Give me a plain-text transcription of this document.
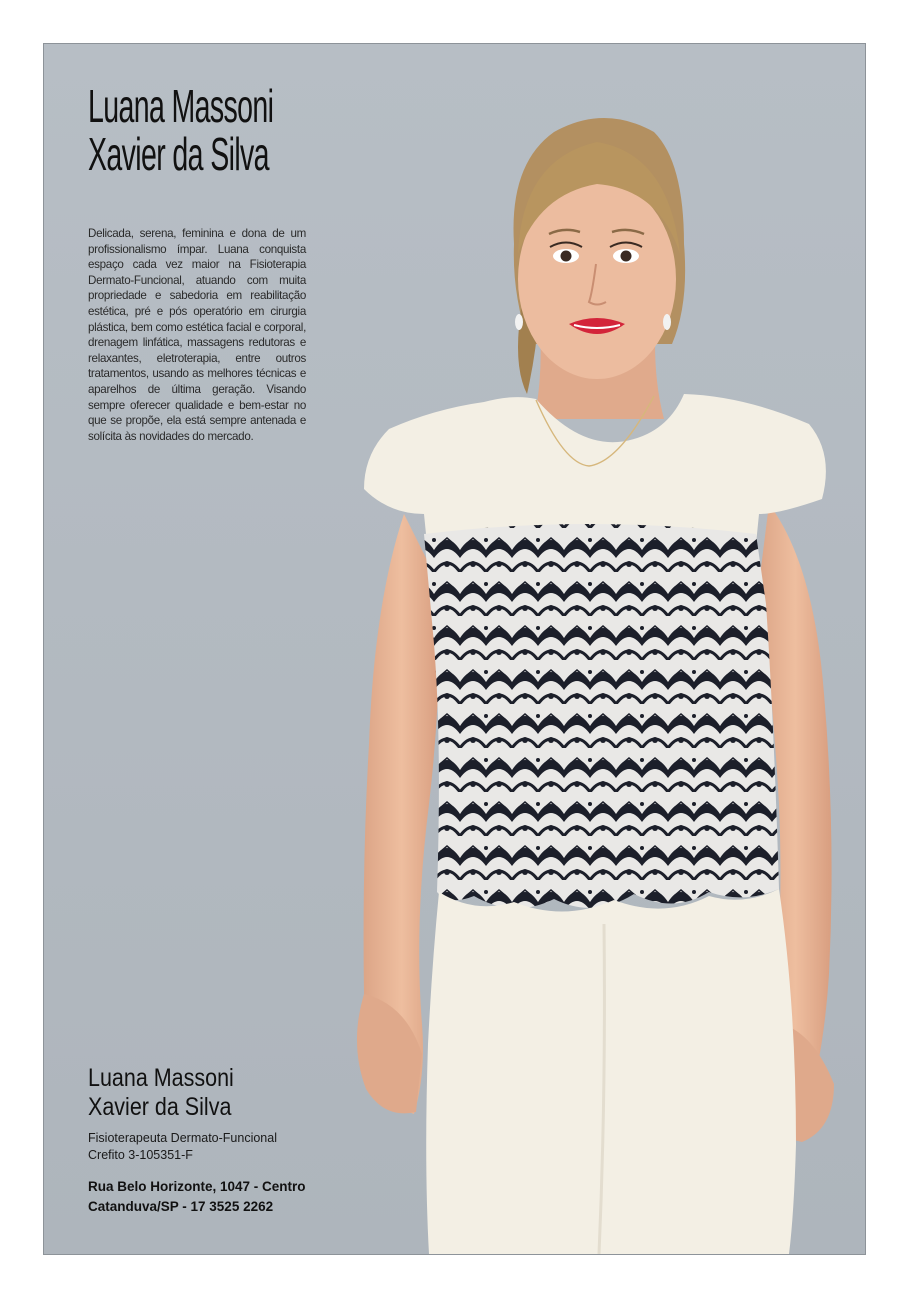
Luana Massoni
Xavier da Silva

Delicada, serena, feminina e dona de um profissionalismo ímpar. Luana conquista espaço cada vez maior na Fisioterapia Dermato-Funcional, atuando com muita propriedade e sabedoria em reabilitação estética, pré e pós operatório em cirurgia plástica, bem como estética facial e corporal, drenagem linfática, massagens redutoras e relaxantes, eletroterapia, entre outros tratamentos, usando as melhores técnicas e aparelhos de última geração. Visando sempre oferecer qualidade e bem-estar no que se propõe, ela está sempre antenada e solícita às novidades do mercado.

Luana Massoni
Xavier da Silva
Fisioterapeuta Dermato-Funcional
Crefito 3-105351-F
Rua Belo Horizonte, 1047 - Centro
Catanduva/SP - 17 3525 2262
